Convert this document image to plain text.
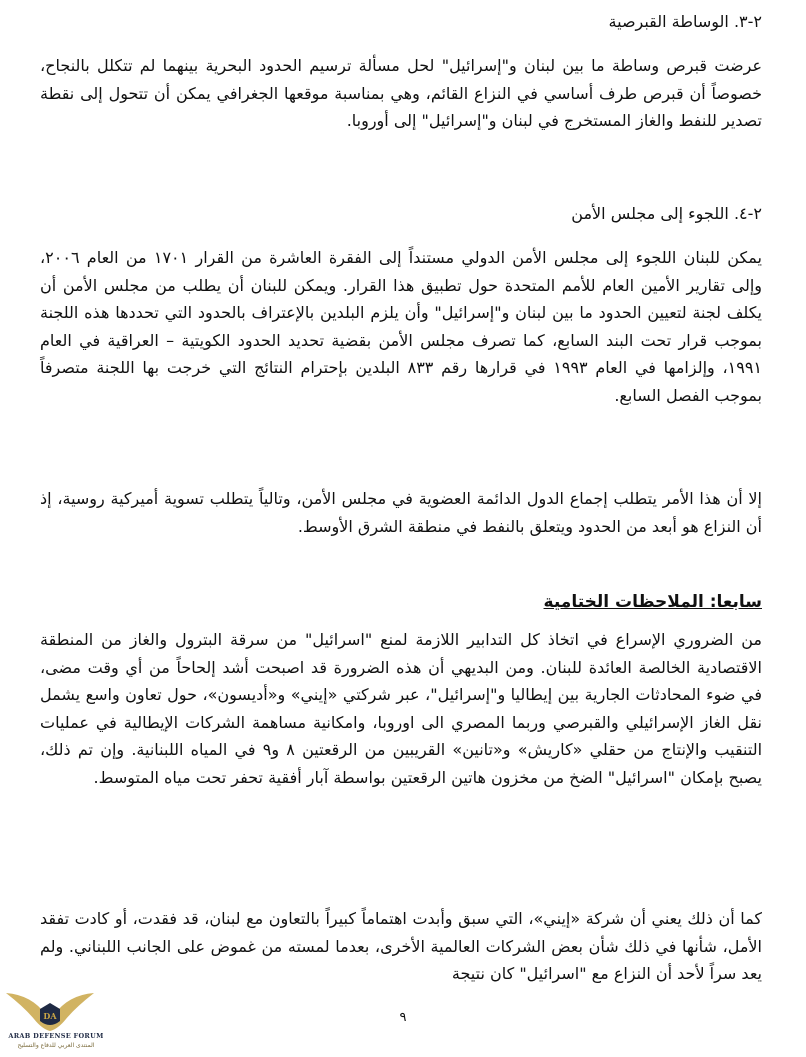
٢-٣. الوساطة القبرصية

عرضت قبرص وساطة ما بين لبنان و"إسرائيل" لحل مسألة ترسيم الحدود البحرية بينهما لم تتكلل بالنجاح، خصوصاً أن قبرص طرف أساسي في النزاع القائم، وهي بمناسبة موقعها الجغرافي يمكن أن تتحول إلى نقطة تصدير للنفط والغاز المستخرج في لبنان و"إسرائيل" إلى أوروبا.

٢-٤. اللجوء إلى مجلس الأمن

يمكن للبنان اللجوء إلى مجلس الأمن الدولي مستنداً إلى الفقرة العاشرة من القرار ١٧٠١ من العام ٢٠٠٦، وإلى تقارير الأمين العام للأمم المتحدة حول تطبيق هذا القرار. ويمكن للبنان أن يطلب من مجلس الأمن أن يكلف لجنة لتعيين الحدود ما بين لبنان و"إسرائيل" وأن يلزم البلدين بالإعتراف بالحدود التي تحددها هذه اللجنة بموجب قرار تحت البند السابع، كما تصرف مجلس الأمن بقضية تحديد الحدود الكويتية – العراقية في العام ١٩٩١، وإلزامها في العام ١٩٩٣ في قرارها رقم ٨٣٣ البلدين بإحترام النتائج التي خرجت بها اللجنة متصرفاً بموجب الفصل السابع.

إلا أن هذا الأمر يتطلب إجماع الدول الدائمة العضوية في مجلس الأمن، وتالياً يتطلب تسوية أميركية روسية، إذ أن النزاع هو أبعد من الحدود ويتعلق بالنفط في منطقة الشرق الأوسط.

سابعا: الملاحظات الختامية

من الضروري الإسراع في اتخاذ كل التدابير اللازمة لمنع "اسرائيل" من سرقة البترول والغاز من المنطقة الاقتصادية الخالصة العائدة للبنان. ومن البديهي أن هذه الضرورة قد اصبحت أشد إلحاحاً من أي وقت مضى، في ضوء المحادثات الجارية بين إيطاليا و"إسرائيل"، عبر شركتي «إيني» و«أديسون»، حول تعاون واسع يشمل نقل الغاز الإسرائيلي والقبرصي وربما المصري الى اوروبا، وامكانية مساهمة الشركات الإيطالية في عمليات التنقيب والإنتاج من حقلي «كاريش» و«تانين» القريبين من الرقعتين ٨ و٩ في المياه اللبنانية. وإن تم ذلك، يصبح بإمكان "اسرائيل" الضخ من مخزون هاتين الرقعتين بواسطة آبار أفقية تحفر تحت مياه المتوسط.

كما أن ذلك يعني أن شركة «إيني»، التي سبق وأبدت اهتماماً كبيراً بالتعاون مع لبنان، قد فقدت، أو كادت تفقد الأمل، شأنها في ذلك شأن بعض الشركات العالمية الأخرى، بعدما لمسته من غموض على الجانب اللبناني. ولم يعد سراً لأحد أن النزاع مع "اسرائيل" كان نتيجة

٩
DA
ARAB DEFENSE FORUM
المنتدى العربي للدفاع والتسليح
